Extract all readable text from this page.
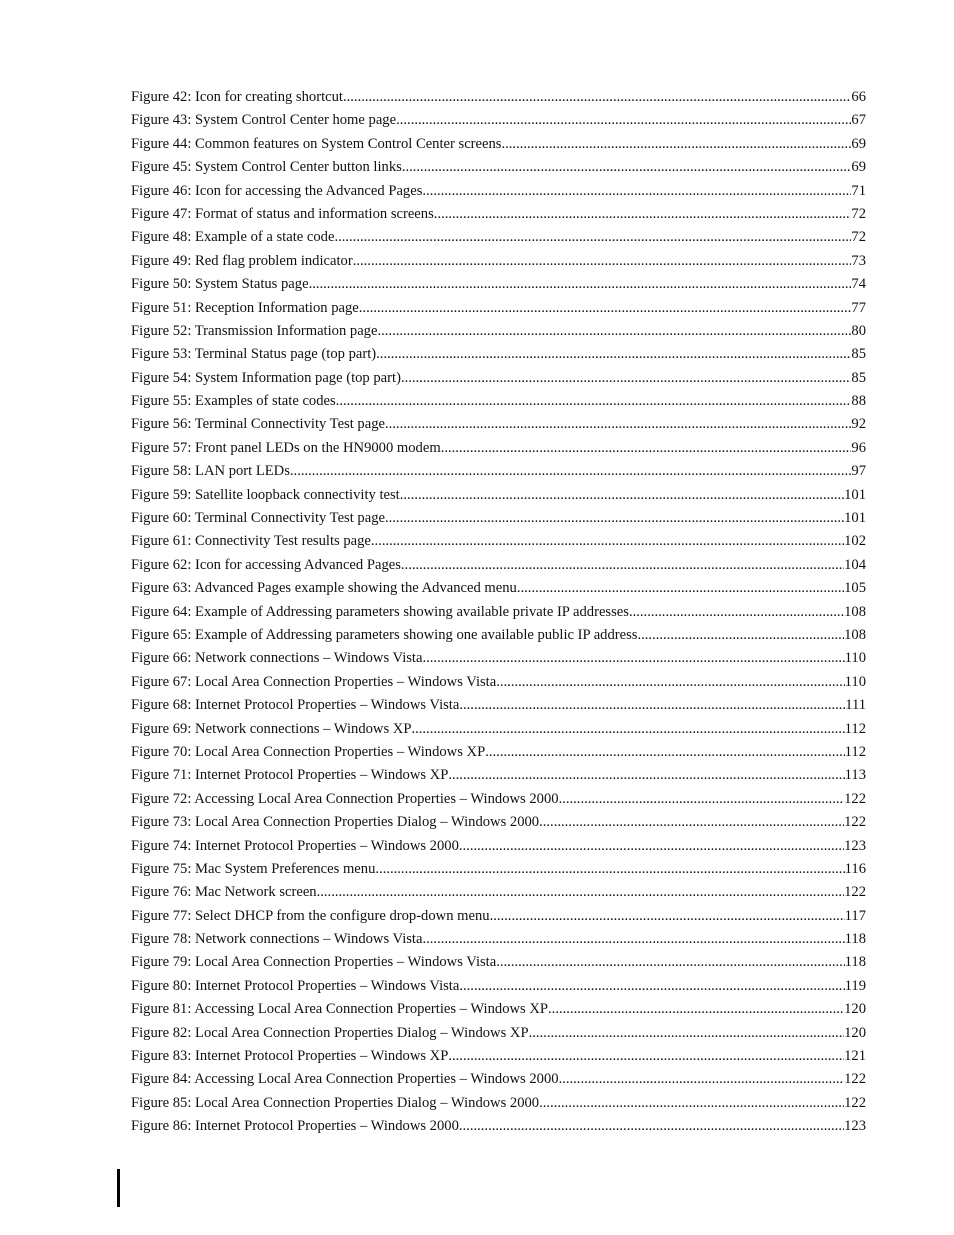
Figure 42: Icon for creating shortcut .....	66
Figure 43: System Control Center home page .....	67
Figure 44: Common features on System Control Center screens .....	69
Figure 45: System Control Center button links .....	69
Figure 46: Icon for accessing the Advanced Pages .....	71
Figure 47: Format of status and information screens .....	72
Figure 48: Example of a state code .....	72
Figure 49: Red flag problem indicator .....	73
Figure 50: System Status page .....	74
Figure 51: Reception Information page .....	77
Figure 52: Transmission Information page .....	80
Figure 53: Terminal Status page (top part) .....	85
Figure 54: System Information page (top part) .....	85
Figure 55: Examples of state codes .....	88
Figure 56: Terminal Connectivity Test page .....	92
Figure 57: Front panel LEDs on the HN9000 modem .....	96
Figure 58: LAN port LEDs .....	97
Figure 59: Satellite loopback connectivity test .....	101
Figure 60: Terminal Connectivity Test page .....	101
Figure 61: Connectivity Test results page .....	102
Figure 62: Icon for accessing Advanced Pages .....	104
Figure 63: Advanced Pages example showing the Advanced menu .....	105
Figure 64: Example of Addressing parameters showing available private IP addresses .....	108
Figure 65: Example of Addressing parameters showing one available public IP address .....	108
Figure 66: Network connections – Windows Vista .....	110
Figure 67: Local Area Connection Properties – Windows Vista .....	110
Figure 68: Internet Protocol Properties – Windows Vista .....	111
Figure 69: Network connections – Windows XP .....	112
Figure 70: Local Area Connection Properties – Windows XP .....	112
Figure 71: Internet Protocol Properties – Windows XP .....	113
Figure 72: Accessing Local Area Connection Properties – Windows 2000 .....	122
Figure 73: Local Area Connection Properties Dialog – Windows 2000 .....	122
Figure 74: Internet Protocol Properties – Windows 2000 .....	123
Figure 75: Mac System Preferences menu .....	116
Figure 76: Mac Network screen .....	122
Figure 77: Select DHCP from the configure drop-down menu .....	117
Figure 78: Network connections – Windows Vista .....	118
Figure 79: Local Area Connection Properties – Windows Vista .....	118
Figure 80: Internet Protocol Properties – Windows Vista .....	119
Figure 81: Accessing Local Area Connection Properties – Windows XP .....	120
Figure 82: Local Area Connection Properties Dialog – Windows XP .....	120
Figure 83: Internet Protocol Properties – Windows XP .....	121
Figure 84: Accessing Local Area Connection Properties – Windows 2000 .....	122
Figure 85: Local Area Connection Properties Dialog – Windows 2000 .....	122
Figure 86: Internet Protocol Properties – Windows 2000 .....	123
